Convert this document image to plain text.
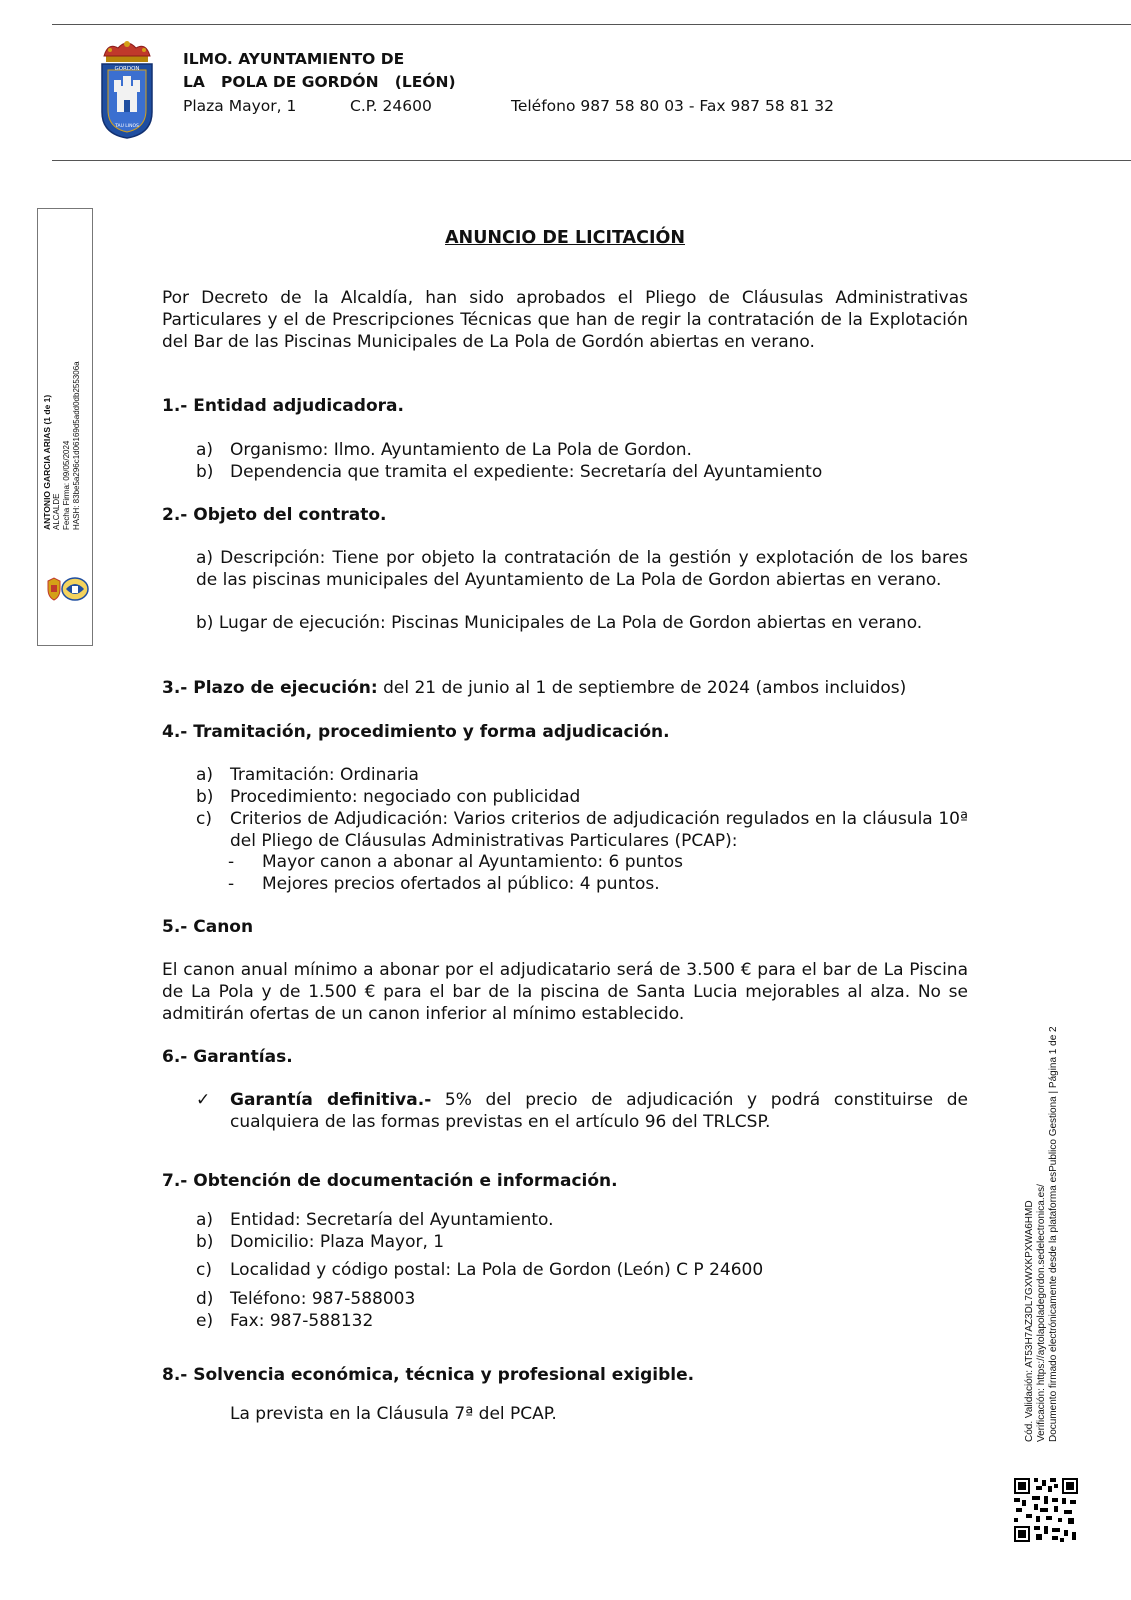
GORDON
TAU LINOS
ILMO. AYUNTAMIENTO DE
LA   POLA DE GORDÓN   (LEÓN)
Plaza Mayor, 1	C.P. 24600	Teléfono 987 58 80 03 - Fax 987 58 81 32
ANTONIO GARCIA ARIAS (1 de 1) ALCALDE Fecha Firma: 09/05/2024 HASH: 83be5a296c1d06169d5add0db255306a
Cód. Validación: AT53H7AZ3DL7GXWXKPXWA6HMD Verificación: https://aytolapoladegordon.sedelectronica.es/ Documento firmado electrónicamente desde la plataforma esPublico Gestiona | Página 1 de 2
ANUNCIO DE LICITACIÓN
Por Decreto de la Alcaldía, han sido aprobados el Pliego de Cláusulas Administrativas Particulares y el de Prescripciones Técnicas que han de regir la contratación de la Explotación del Bar de las Piscinas Municipales de La Pola de Gordón abiertas en verano.
1.- Entidad adjudicadora.
a) Organismo: Ilmo. Ayuntamiento de La Pola de Gordon.
b) Dependencia que tramita el expediente: Secretaría del Ayuntamiento
2.- Objeto del contrato.
a) Descripción: Tiene por objeto la contratación de la gestión y explotación de los bares de las piscinas municipales del Ayuntamiento de La Pola de Gordon abiertas en verano.
b) Lugar de ejecución: Piscinas Municipales de La Pola de Gordon abiertas en verano.
3.- Plazo de ejecución: del 21 de junio al 1 de septiembre de 2024 (ambos incluidos)
4.- Tramitación, procedimiento y forma adjudicación.
a) Tramitación: Ordinaria
b) Procedimiento: negociado con publicidad
c) Criterios de Adjudicación: Varios criterios de adjudicación regulados en la cláusula 10ª del Pliego de Cláusulas Administrativas Particulares (PCAP):
- Mayor canon a abonar al Ayuntamiento: 6 puntos
- Mejores precios ofertados al público: 4 puntos.
5.- Canon
El canon anual mínimo a abonar por el adjudicatario será de 3.500 € para el bar de La Piscina de La Pola y de 1.500 € para el bar de la piscina de Santa Lucia mejorables al alza. No se admitirán ofertas de un canon inferior al mínimo establecido.
6.- Garantías.
✓ Garantía definitiva.- 5% del precio de adjudicación y podrá constituirse de cualquiera de las formas previstas en el artículo 96 del TRLCSP.
7.- Obtención de documentación e información.
a) Entidad: Secretaría del Ayuntamiento.
b) Domicilio: Plaza Mayor, 1
c) Localidad y código postal: La Pola de Gordon (León) C P 24600
d) Teléfono: 987-588003
e) Fax: 987-588132
8.- Solvencia económica, técnica y profesional exigible.
La prevista en la Cláusula 7ª del PCAP.
